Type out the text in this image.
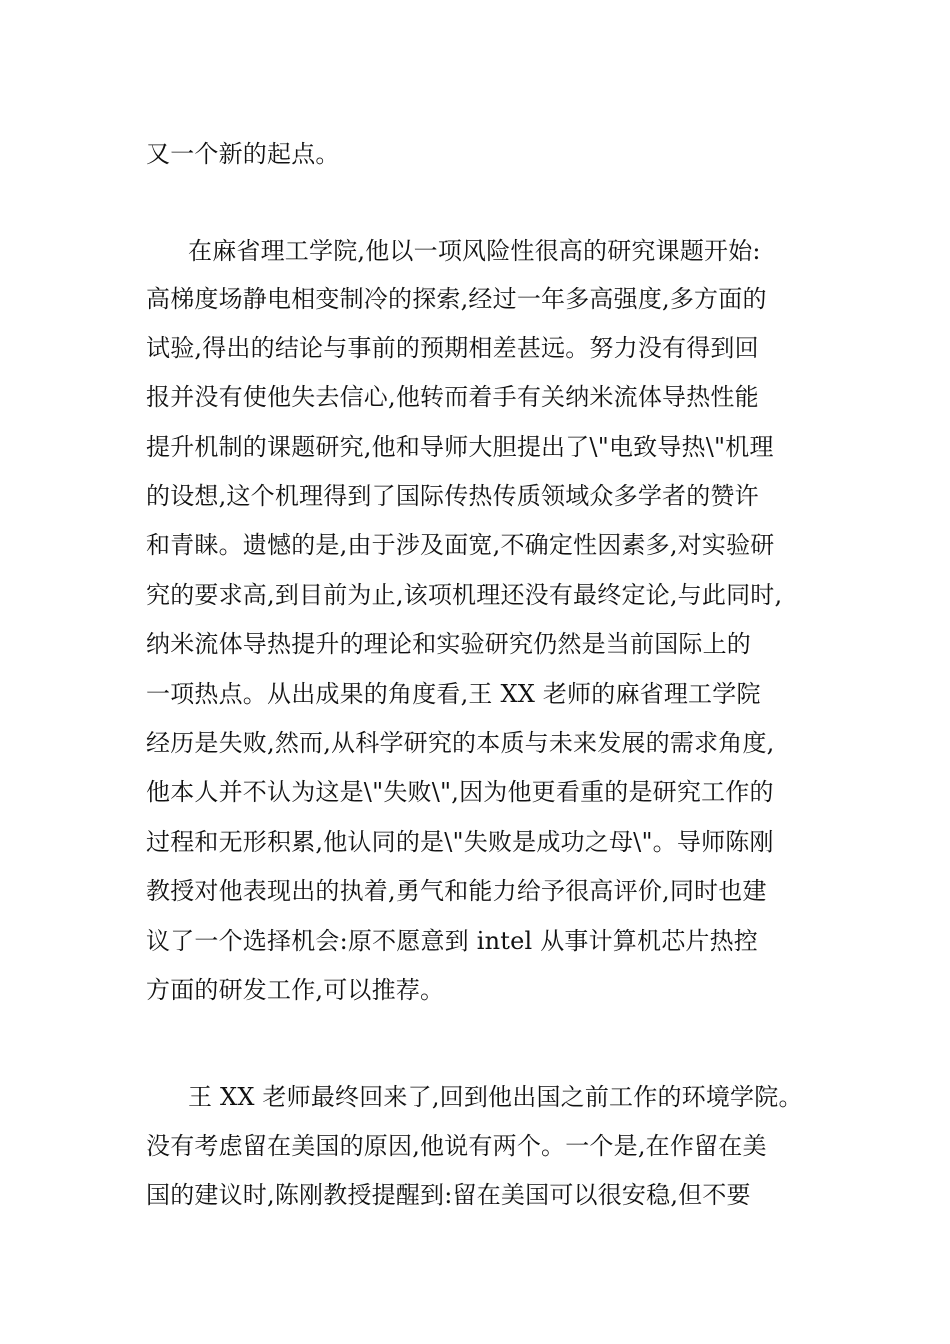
又一个新的起点。
在麻省理工学院,他以一项风险性很高的研究课题开始:
高梯度场静电相变制冷的探索,经过一年多高强度,多方面的
试验,得出的结论与事前的预期相差甚远。努力没有得到回
报并没有使他失去信心,他转而着手有关纳米流体导热性能
提升机制的课题研究,他和导师大胆提出了\"电致导热\"机理
的设想,这个机理得到了国际传热传质领域众多学者的赞许
和青睐。遗憾的是,由于涉及面宽,不确定性因素多,对实验研
究的要求高,到目前为止,该项机理还没有最终定论,与此同时,
纳米流体导热提升的理论和实验研究仍然是当前国际上的
一项热点。从出成果的角度看,王 XX 老师的麻省理工学院
经历是失败,然而,从科学研究的本质与未来发展的需求角度,
他本人并不认为这是\"失败\",因为他更看重的是研究工作的
过程和无形积累,他认同的是\"失败是成功之母\"。导师陈刚
教授对他表现出的执着,勇气和能力给予很高评价,同时也建
议了一个选择机会:原不愿意到 intel 从事计算机芯片热控
方面的研发工作,可以推荐。
王 XX 老师最终回来了,回到他出国之前工作的环境学院。
没有考虑留在美国的原因,他说有两个。一个是,在作留在美
国的建议时,陈刚教授提醒到:留在美国可以很安稳,但不要
